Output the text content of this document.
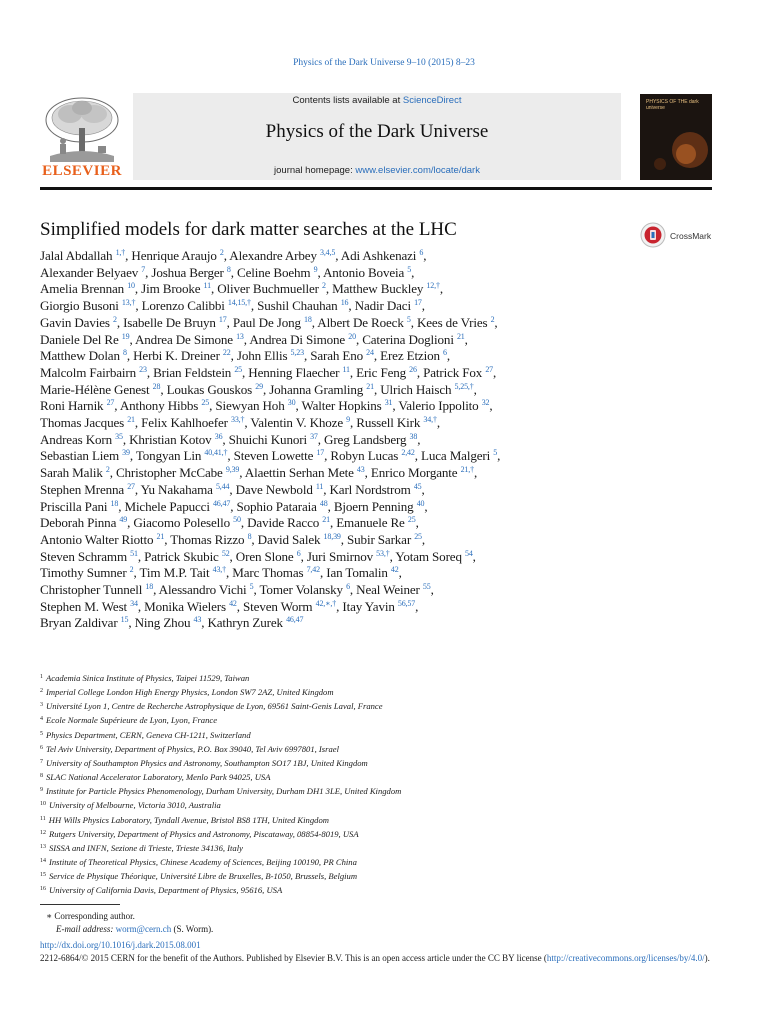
Physics of the Dark Universe 9–10 (2015) 8–23
ELSEVIER
Contents lists available at ScienceDirect
Physics of the Dark Universe
journal homepage: www.elsevier.com/locate/dark
PHYSICS OF THE dark universe
Simplified models for dark matter searches at the LHC	CrossMark
Jalal Abdallah $^{1,\dagger}$, Henrique Araujo $^2$, Alexandre Arbey $^{3,4,5}$, Adi Ashkenazi $^6$,
Alexander Belyaev $^7$, Joshua Berger $^8$, Celine Boehm $^9$, Antonio Boveia $^5$,
Amelia Brennan $^{10}$, Jim Brooke $^{11}$, Oliver Buchmueller $^2$, Matthew Buckley $^{12,\dagger}$,
Giorgio Busoni $^{13,\dagger}$, Lorenzo Calibbi $^{14,15,\dagger}$, Sushil Chauhan $^{16}$, Nadir Daci $^{17}$,
Gavin Davies $^2$, Isabelle De Bruyn $^{17}$, Paul De Jong $^{18}$, Albert De Roeck $^5$, Kees de Vries $^2$,
Daniele Del Re $^{19}$, Andrea De Simone $^{13}$, Andrea Di Simone $^{20}$, Caterina Doglioni $^{21}$,
Matthew Dolan $^8$, Herbi K. Dreiner $^{22}$, John Ellis $^{5,23}$, Sarah Eno $^{24}$, Erez Etzion $^6$,
Malcolm Fairbairn $^{23}$, Brian Feldstein $^{25}$, Henning Flaecher $^{11}$, Eric Feng $^{26}$, Patrick Fox $^{27}$,
Marie-Hélène Genest $^{28}$, Loukas Gouskos $^{29}$, Johanna Gramling $^{21}$, Ulrich Haisch $^{5,25,\dagger}$,
Roni Harnik $^{27}$, Anthony Hibbs $^{25}$, Siewyan Hoh $^{30}$, Walter Hopkins $^{31}$, Valerio Ippolito $^{32}$,
Thomas Jacques $^{21}$, Felix Kahlhoefer $^{33,\dagger}$, Valentin V. Khoze $^9$, Russell Kirk $^{34,\dagger}$,
Andreas Korn $^{35}$, Khristian Kotov $^{36}$, Shuichi Kunori $^{37}$, Greg Landsberg $^{38}$,
Sebastian Liem $^{39}$, Tongyan Lin $^{40,41,\dagger}$, Steven Lowette $^{17}$, Robyn Lucas $^{2,42}$, Luca Malgeri $^5$,
Sarah Malik $^2$, Christopher McCabe $^{9,39}$, Alaettin Serhan Mete $^{43}$, Enrico Morgante $^{21,\dagger}$,
Stephen Mrenna $^{27}$, Yu Nakahama $^{5,44}$, Dave Newbold $^{11}$, Karl Nordstrom $^{45}$,
Priscilla Pani $^{18}$, Michele Papucci $^{46,47}$, Sophio Pataraia $^{48}$, Bjoern Penning $^{40}$,
Deborah Pinna $^{49}$, Giacomo Polesello $^{50}$, Davide Racco $^{21}$, Emanuele Re $^{25}$,
Antonio Walter Riotto $^{21}$, Thomas Rizzo $^8$, David Salek $^{18,39}$, Subir Sarkar $^{25}$,
Steven Schramm $^{51}$, Patrick Skubic $^{52}$, Oren Slone $^6$, Juri Smirnov $^{53,\dagger}$, Yotam Soreq $^{54}$,
Timothy Sumner $^2$, Tim M.P. Tait $^{43,\dagger}$, Marc Thomas $^{7,42}$, Ian Tomalin $^{42}$,
Christopher Tunnell $^{18}$, Alessandro Vichi $^5$, Tomer Volansky $^6$, Neal Weiner $^{55}$,
Stephen M. West $^{34}$, Monika Wielers $^{42}$, Steven Worm $^{42,∗,\dagger}$, Itay Yavin $^{56,57}$,
Bryan Zaldivar $^{15}$, Ning Zhou $^{43}$, Kathryn Zurek $^{46,47}$
$^1$ Academia Sinica Institute of Physics, Taipei 11529, Taiwan
$^2$ Imperial College London High Energy Physics, London SW7 2AZ, United Kingdom
$^3$ Université Lyon 1, Centre de Recherche Astrophysique de Lyon, 69561 Saint-Genis Laval, France
$^4$ Ecole Normale Supérieure de Lyon, Lyon, France
$^5$ Physics Department, CERN, Geneva CH-1211, Switzerland
$^6$ Tel Aviv University, Department of Physics, P.O. Box 39040, Tel Aviv 6997801, Israel
$^7$ University of Southampton Physics and Astronomy, Southampton SO17 1BJ, United Kingdom
$^8$ SLAC National Accelerator Laboratory, Menlo Park 94025, USA
$^9$ Institute for Particle Physics Phenomenology, Durham University, Durham DH1 3LE, United Kingdom
$^{10}$ University of Melbourne, Victoria 3010, Australia
$^{11}$ HH Wills Physics Laboratory, Tyndall Avenue, Bristol BS8 1TH, United Kingdom
$^{12}$ Rutgers University, Department of Physics and Astronomy, Piscataway, 08854-8019, USA
$^{13}$ SISSA and INFN, Sezione di Trieste, Trieste 34136, Italy
$^{14}$ Institute of Theoretical Physics, Chinese Academy of Sciences, Beijing 100190, PR China
$^{15}$ Service de Physique Théorique, Université Libre de Bruxelles, B-1050, Brussels, Belgium
$^{16}$ University of California Davis, Department of Physics, 95616, USA
∗ Corresponding author.
E-mail address: worm@cern.ch (S. Worm).
http://dx.doi.org/10.1016/j.dark.2015.08.001
2212-6864/© 2015 CERN for the benefit of the Authors. Published by Elsevier B.V. This is an open access article under the CC BY license (http://creativecommons.org/licenses/by/4.0/).
